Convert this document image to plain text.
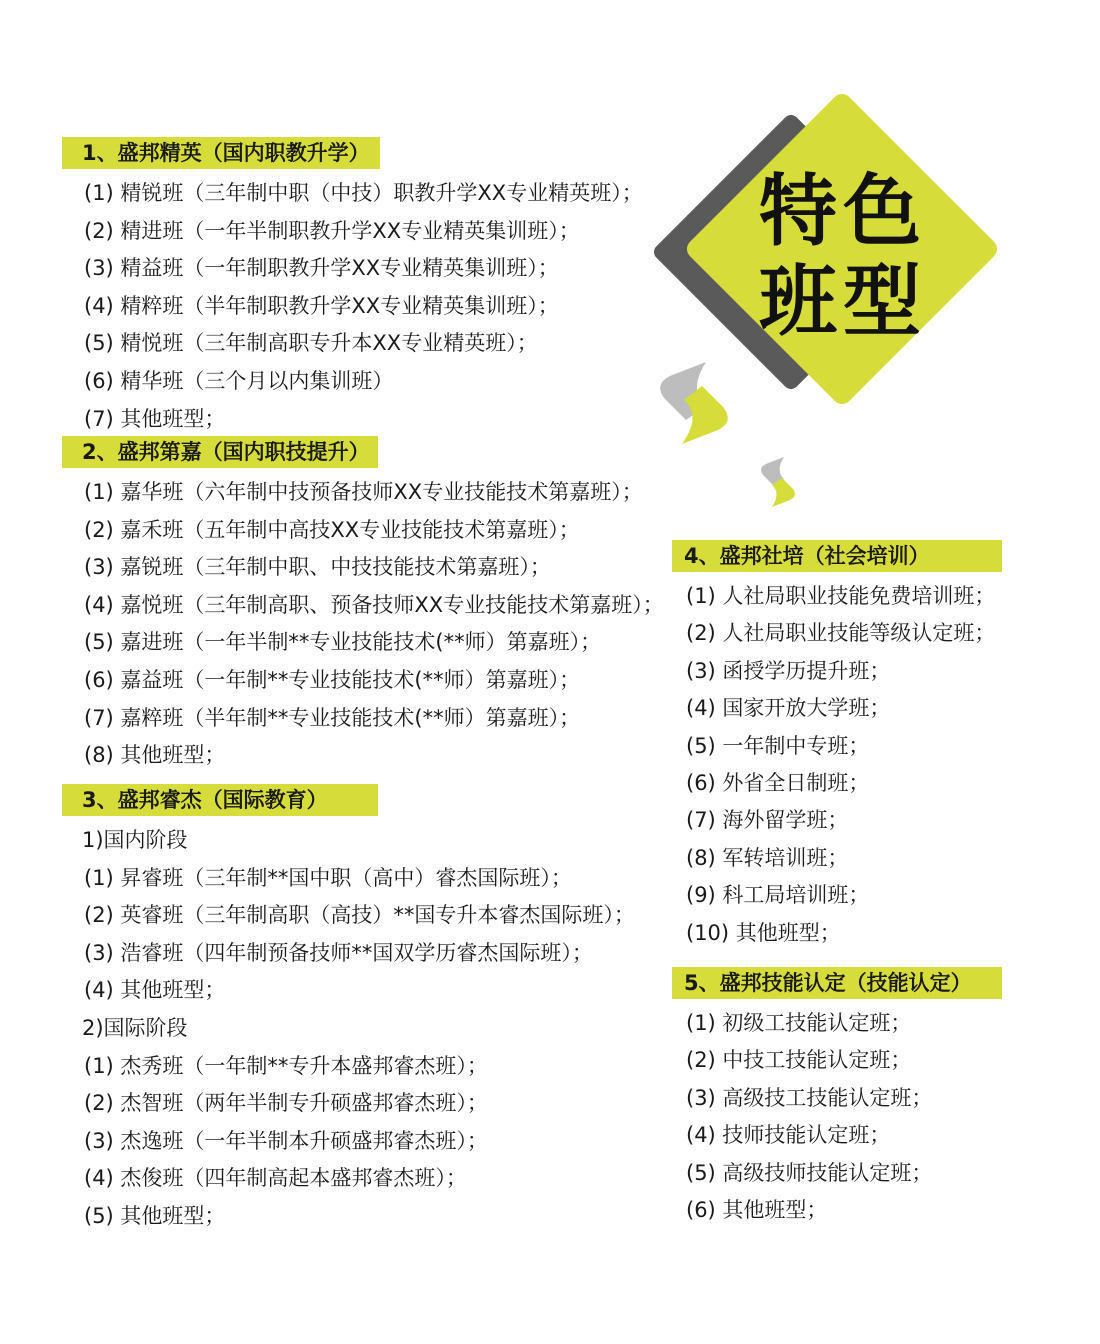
特色
班型
1、盛邦精英（国内职教升学）
(1) 精锐班（三年制中职（中技）职教升学XX专业精英班）；
(2) 精进班（一年半制职教升学XX专业精英集训班）；
(3) 精益班（一年制职教升学XX专业精英集训班）；
(4) 精粹班（半年制职教升学XX专业精英集训班）；
(5) 精悦班（三年制高职专升本XX专业精英班）；
(6) 精华班（三个月以内集训班）
(7) 其他班型；
2、盛邦第嘉（国内职技提升）
(1) 嘉华班（六年制中技预备技师XX专业技能技术第嘉班）；
(2) 嘉禾班（五年制中高技XX专业技能技术第嘉班）；
(3) 嘉锐班（三年制中职、中技技能技术第嘉班）；
(4) 嘉悦班（三年制高职、预备技师XX专业技能技术第嘉班）；
(5) 嘉进班（一年半制**专业技能技术(**师）第嘉班）；
(6) 嘉益班（一年制**专业技能技术(**师）第嘉班）；
(7) 嘉粹班（半年制**专业技能技术(**师）第嘉班）；
(8) 其他班型；
3、盛邦睿杰（国际教育）
1)国内阶段
(1) 昇睿班（三年制**国中职（高中）睿杰国际班）；
(2) 英睿班（三年制高职（高技）**国专升本睿杰国际班）；
(3) 浩睿班（四年制预备技师**国双学历睿杰国际班）；
(4) 其他班型；
2)国际阶段
(1) 杰秀班（一年制**专升本盛邦睿杰班）；
(2) 杰智班（两年半制专升硕盛邦睿杰班）；
(3) 杰逸班（一年半制本升硕盛邦睿杰班）；
(4) 杰俊班（四年制高起本盛邦睿杰班）；
(5) 其他班型；
4、盛邦社培（社会培训）
(1) 人社局职业技能免费培训班；
(2) 人社局职业技能等级认定班；
(3) 函授学历提升班；
(4) 国家开放大学班；
(5) 一年制中专班；
(6) 外省全日制班；
(7) 海外留学班；
(8) 军转培训班；
(9) 科工局培训班；
(10) 其他班型；
5、盛邦技能认定（技能认定）
(1) 初级工技能认定班；
(2) 中技工技能认定班；
(3) 高级技工技能认定班；
(4) 技师技能认定班；
(5) 高级技师技能认定班；
(6) 其他班型；
